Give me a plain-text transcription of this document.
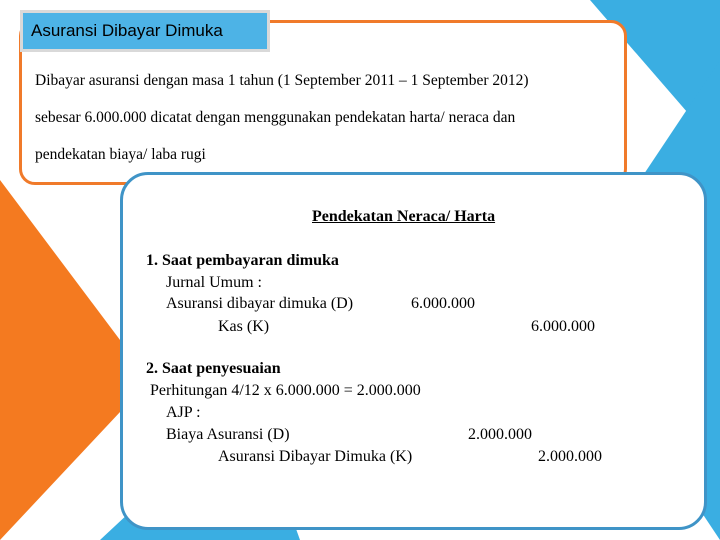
Asuransi Dibayar Dimuka
Dibayar asuransi dengan masa 1 tahun (1 September 2011 – 1 September 2012)
sebesar 6.000.000 dicatat dengan menggunakan pendekatan harta/ neraca dan
pendekatan biaya/ laba rugi
Pendekatan Neraca/ Harta
1. Saat pembayaran dimuka
Jurnal Umum :
Asuransi dibayar dimuka (D)	6.000.000
Kas (K)	6.000.000
2. Saat penyesuaian
Perhitungan 4/12 x 6.000.000 = 2.000.000
AJP :
Biaya Asuransi (D)	2.000.000
Asuransi Dibayar Dimuka (K)	2.000.000
